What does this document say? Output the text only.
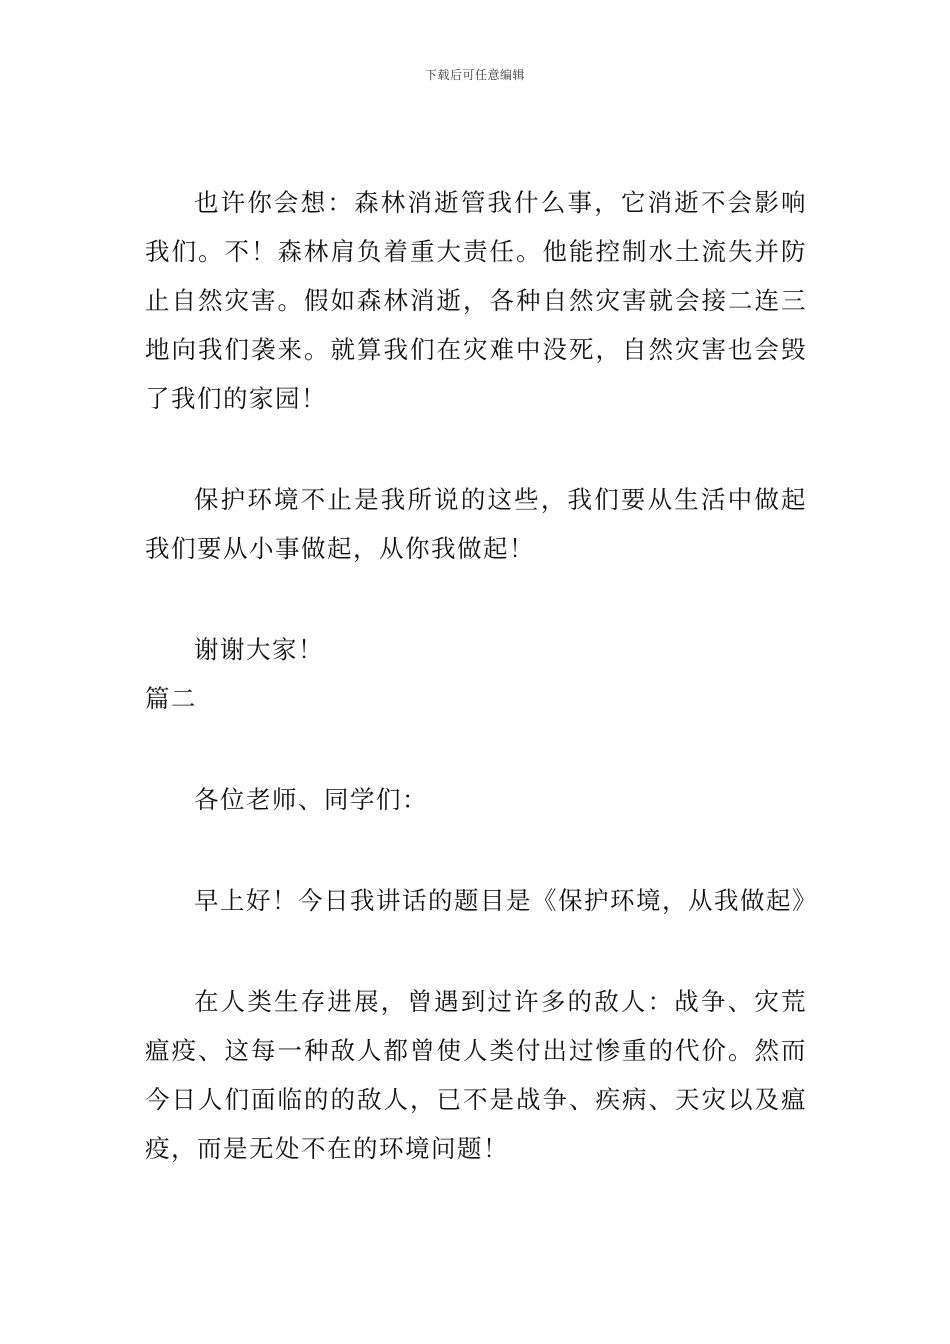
下载后可任意编辑

也许你会想：森林消逝管我什么事，它消逝不会影响我们。不！森林肩负着重大责任。他能控制水土流失并防止自然灾害。假如森林消逝，各种自然灾害就会接二连三地向我们袭来。就算我们在灾难中没死，自然灾害也会毁了我们的家园！

保护环境不止是我所说的这些，我们要从生活中做起我们要从小事做起，从你我做起！

谢谢大家！

篇二

各位老师、同学们：

早上好！今日我讲话的题目是《保护环境，从我做起》

在人类生存进展，曾遇到过许多的敌人：战争、灾荒瘟疫、这每一种敌人都曾使人类付出过惨重的代价。然而今日人们面临的的敌人，已不是战争、疾病、天灾以及瘟疫，而是无处不在的环境问题！
